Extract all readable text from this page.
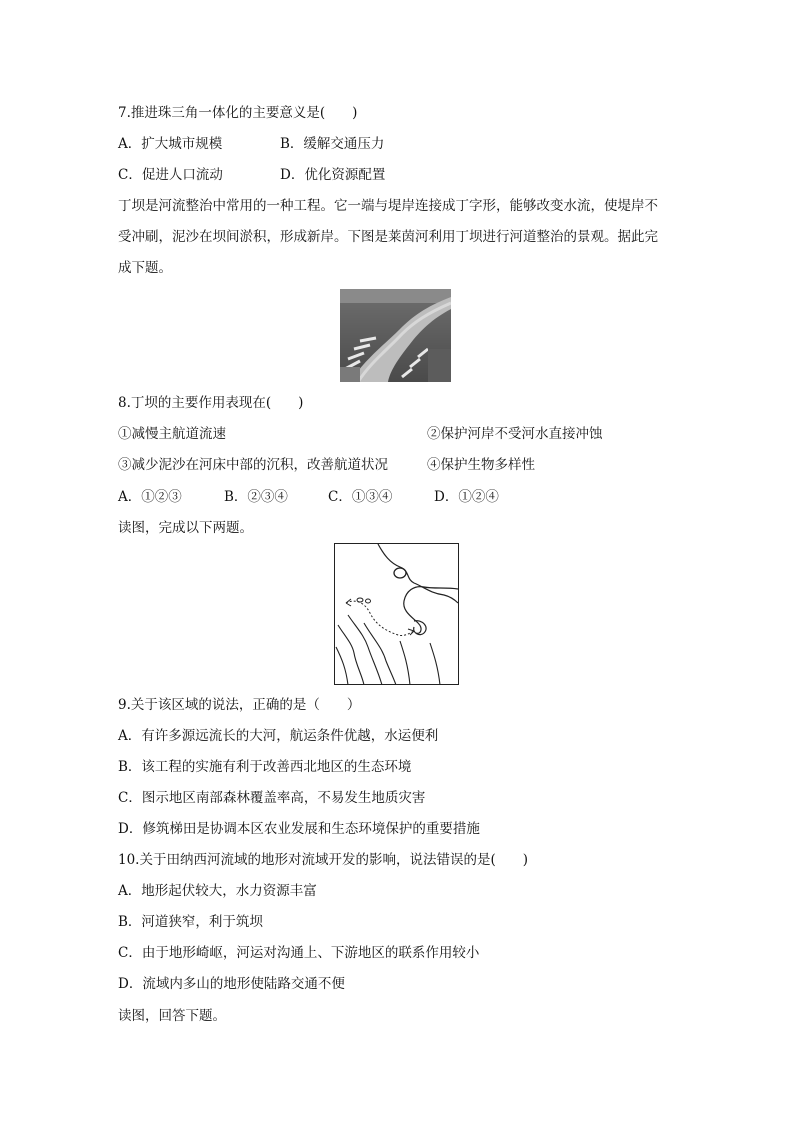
7.推进珠三角一体化的主要意义是(　　)
A．扩大城市规模	B．缓解交通压力
C．促进人口流动	D．优化资源配置
丁坝是河流整治中常用的一种工程。它一端与堤岸连接成丁字形，能够改变水流，使堤岸不
受冲刷，泥沙在坝间淤积，形成新岸。下图是莱茵河利用丁坝进行河道整治的景观。据此完
成下题。
8.丁坝的主要作用表现在(　　)
①减慢主航道流速	②保护河岸不受河水直接冲蚀
③减少泥沙在河床中部的沉积，改善航道状况	④保护生物多样性
A．①②③	B．②③④	C．①③④	D．①②④
读图，完成以下两题。
9.关于该区域的说法，正确的是（　　）
A．有许多源远流长的大河，航运条件优越，水运便利
B．该工程的实施有利于改善西北地区的生态环境
C．图示地区南部森林覆盖率高，不易发生地质灾害
D．修筑梯田是协调本区农业发展和生态环境保护的重要措施
10.关于田纳西河流域的地形对流域开发的影响，说法错误的是(　　)
A．地形起伏较大，水力资源丰富
B．河道狭窄，利于筑坝
C．由于地形崎岖，河运对沟通上、下游地区的联系作用较小
D．流域内多山的地形使陆路交通不便
读图，回答下题。
